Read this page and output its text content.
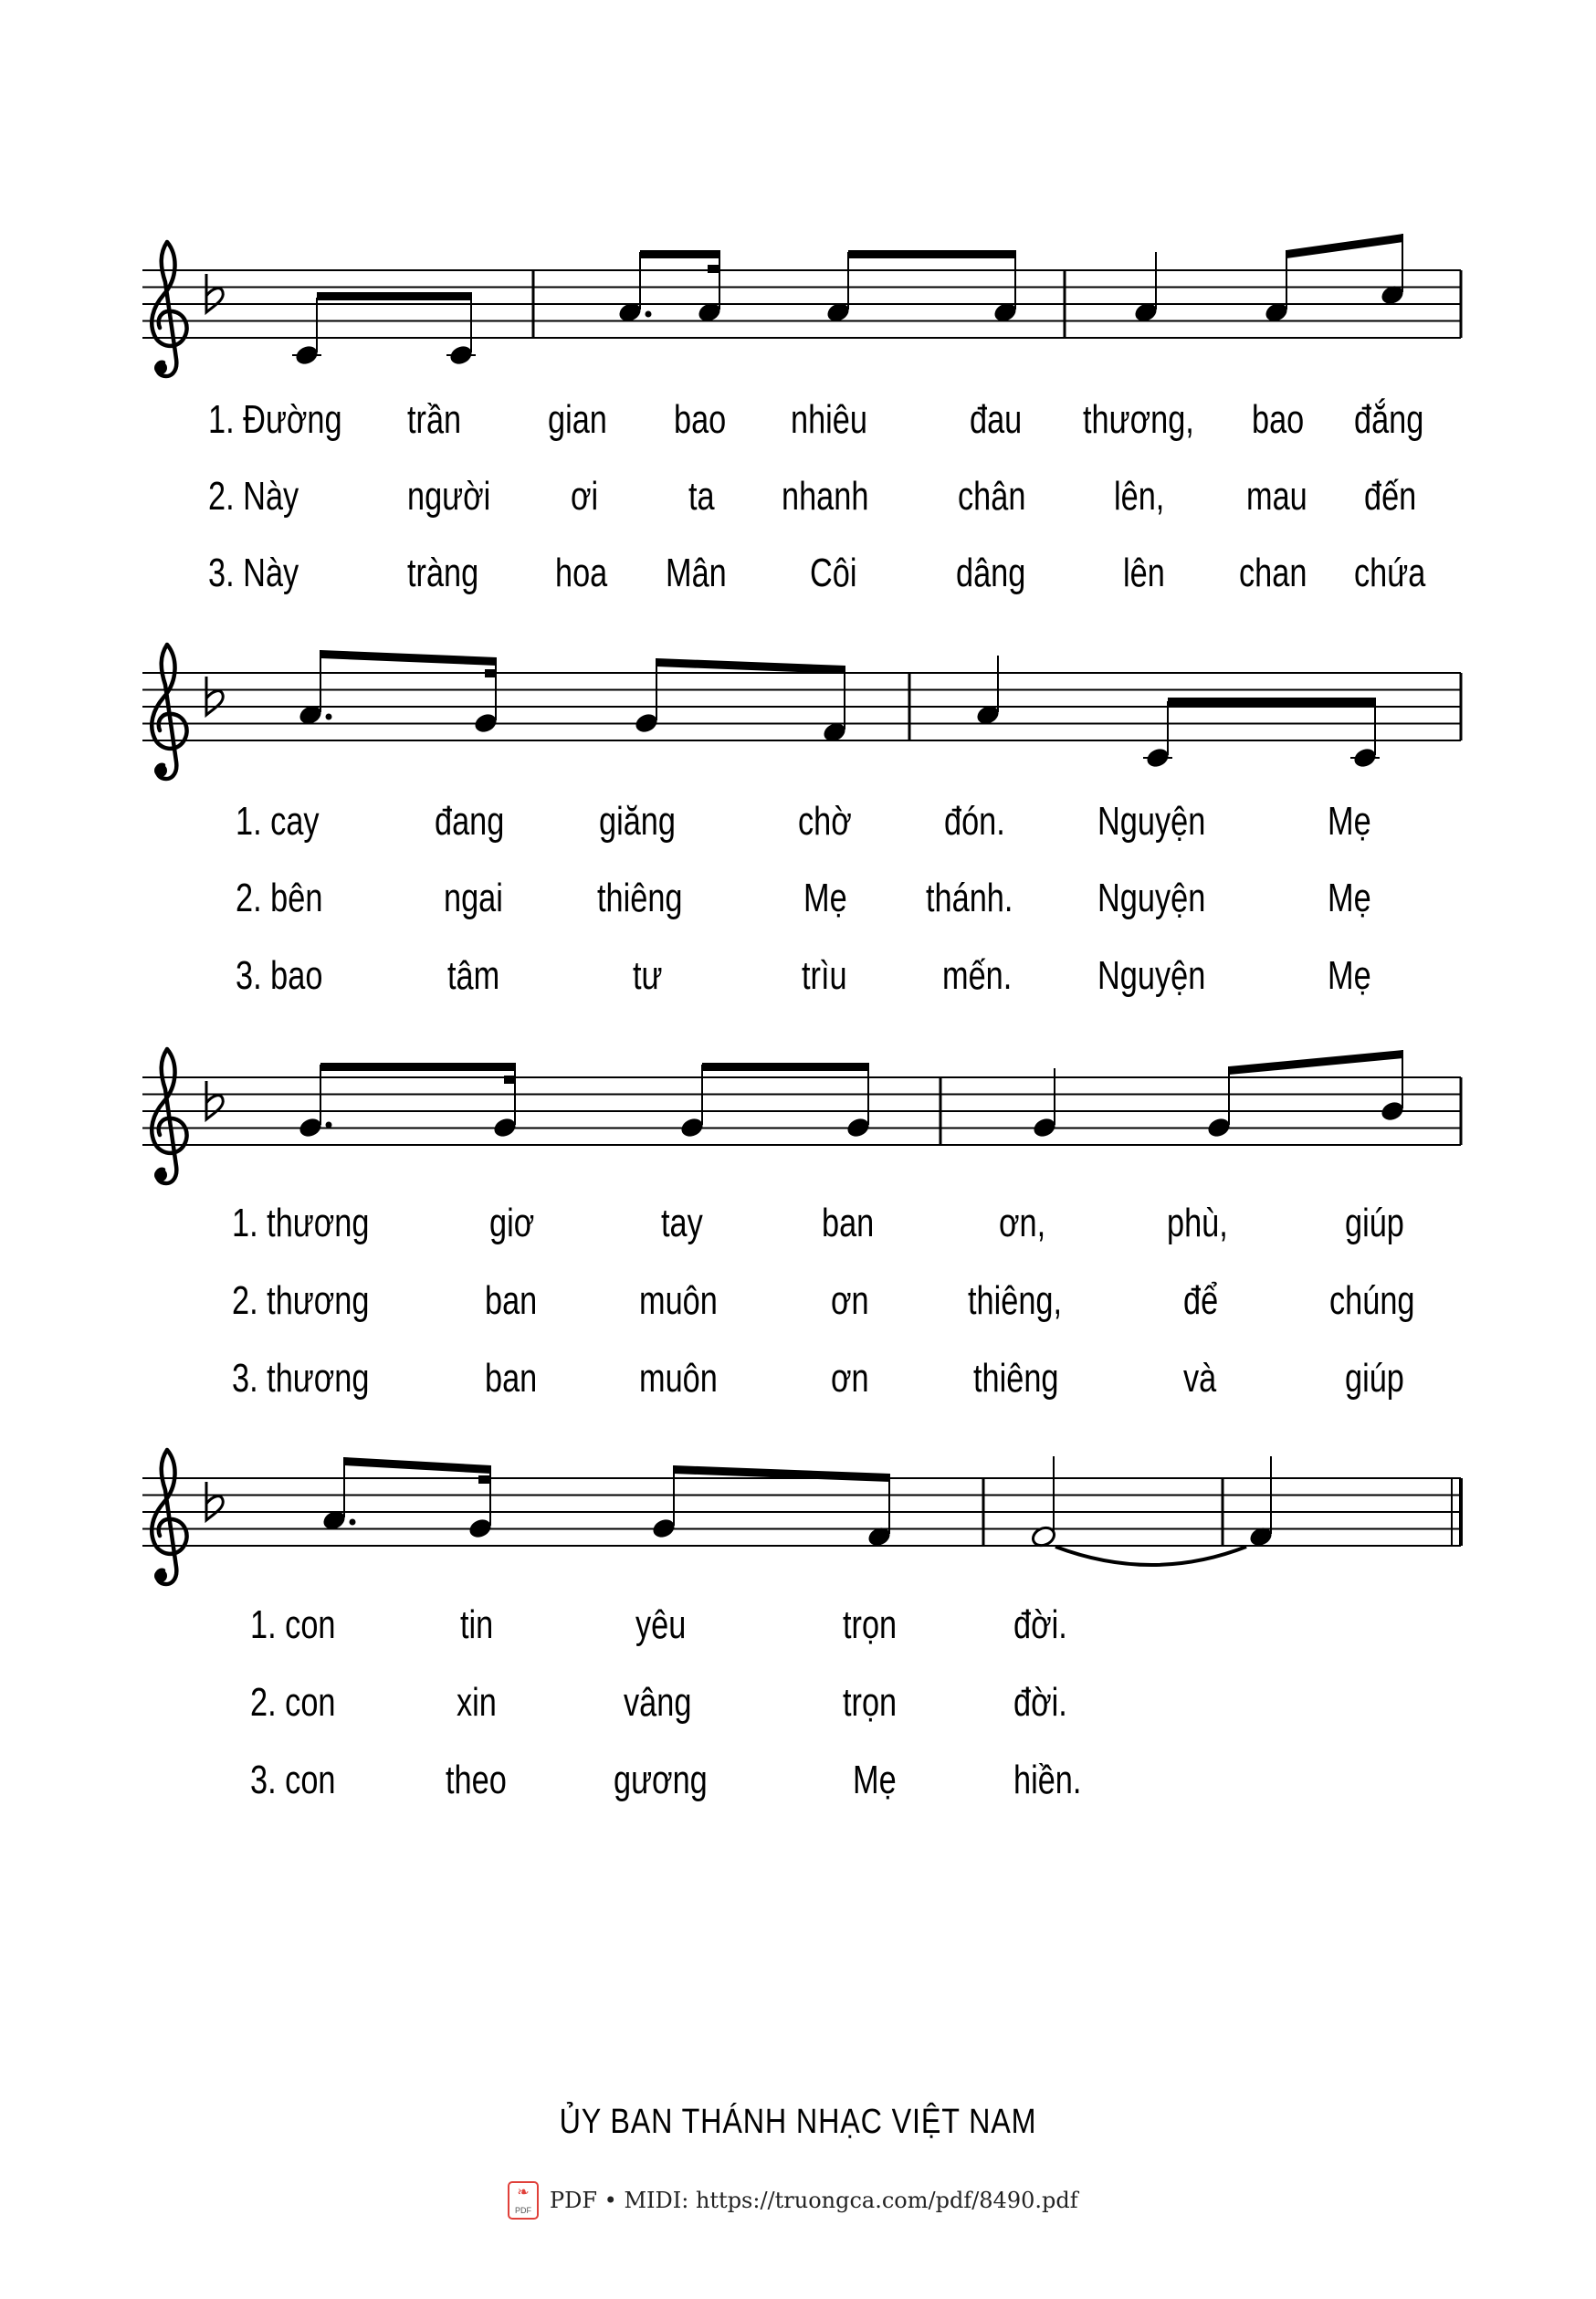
1. Đường trần gian bao nhiêu	đau thương, bao đắng
2. Này	người ơi ta nhanh chân lên, mau đến
3. Này	tràng hoa Mân Côi dâng lên chan chứa
1. cay	đang giăng	chờ đón. Nguyện	Mẹ
2. bên	ngai thiêng	Mẹ thánh. Nguyện	Mẹ
3. bao	tâm	tư	trìu mến. Nguyện	Mẹ
1. thương	giơ	tay	ban	ơn,	phù,	giúp
2. thương	ban	muôn	ơn thiêng,	để	chúng
3. thương	ban	muôn	ơn	thiêng	và	giúp
1. con	tin	yêu	trọn	đời.
2. con	xin	vâng	trọn	đời.
3. con	theo	gương	Mẹ	hiền.
ỦY BAN THÁNH NHẠC VIỆT NAM
❧
PDF PDF • MIDI: https://truongca.com/pdf/8490.pdf
